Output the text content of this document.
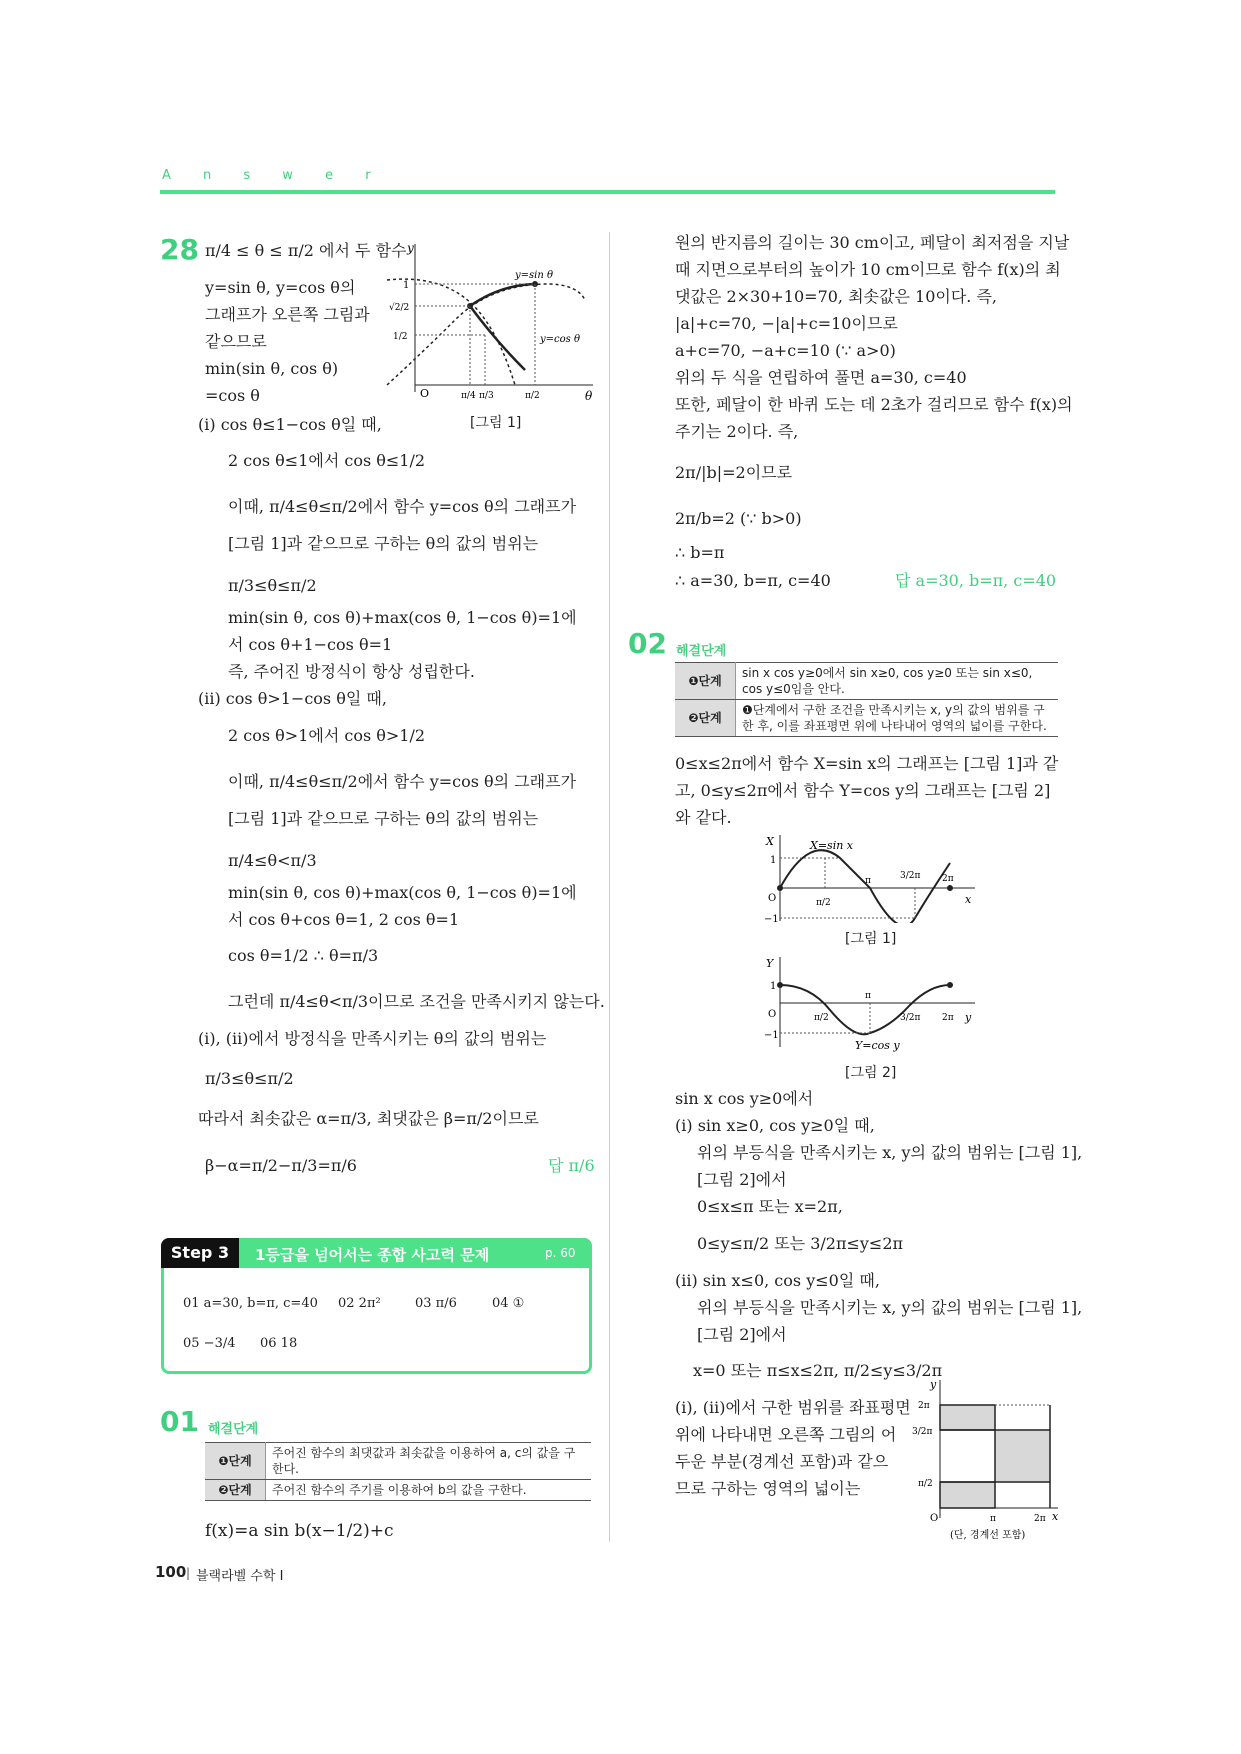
A n s w e r
28 π/4 ≤ θ ≤ π/2 에서 두 함수
y=sin θ, y=cos θ의
그래프가 오른쪽 그림과
같으므로
min(sin θ, cos θ)
=cos θ
(i) cos θ≤1−cos θ일 때,
2 cos θ≤1에서 cos θ≤1/2
이때, π/4≤θ≤π/2에서 함수 y=cos θ의 그래프가
[그림 1]과 같으므로 구하는 θ의 값의 범위는
π/3≤θ≤π/2
min(sin θ, cos θ)+max(cos θ, 1−cos θ)=1에
서 cos θ+1−cos θ=1
즉, 주어진 방정식이 항상 성립한다.
(ii) cos θ>1−cos θ일 때,
2 cos θ>1에서 cos θ>1/2
이때, π/4≤θ≤π/2에서 함수 y=cos θ의 그래프가
[그림 1]과 같으므로 구하는 θ의 값의 범위는
π/4≤θ<π/3
min(sin θ, cos θ)+max(cos θ, 1−cos θ)=1에
서 cos θ+cos θ=1, 2 cos θ=1
cos θ=1/2 ∴ θ=π/3
그런데 π/4≤θ<π/3이므로 조건을 만족시키지 않는다.
(i), (ii)에서 방정식을 만족시키는 θ의 값의 범위는
π/3≤θ≤π/2
따라서 최솟값은 α=π/3, 최댓값은 β=π/2이므로
β−α=π/2−π/3=π/6	답 π/6
y
θ
O
1
√2/2
1/2
π/4 π/3	π/2
y=sin θ
y=cos θ
[그림 1]
Step 3	1등급을 넘어서는 종합 사고력 문제	p. 60
01 a=30, b=π, c=40 02 2π²	03 π/6	04 ①
05 −3/4 06 18
01 해결단계
❶단계	주어진 함수의 최댓값과 최솟값을 이용하여 a, c의 값을 구한다.
❷단계	주어진 함수의 주기를 이용하여 b의 값을 구한다.
f(x)=a sin b(x−1/2)+c
100 | 블랙라벨 수학 I
원의 반지름의 길이는 30 cm이고, 페달이 최저점을 지날
때 지면으로부터의 높이가 10 cm이므로 함수 f(x)의 최
댓값은 2×30+10=70, 최솟값은 10이다. 즉,
|a|+c=70, −|a|+c=10이므로
a+c=70, −a+c=10 (∵ a>0)
위의 두 식을 연립하여 풀면 a=30, c=40
또한, 페달이 한 바퀴 도는 데 2초가 걸리므로 함수 f(x)의
주기는 2이다. 즉,
2π/|b|=2이므로
2π/b=2 (∵ b>0)
∴ b=π
∴ a=30, b=π, c=40	답 a=30, b=π, c=40
02 해결단계
❶단계	sin x cos y≥0에서 sin x≥0, cos y≥0 또는 sin x≤0, cos y≤0임을 안다.
❷단계	❶단계에서 구한 조건을 만족시키는 x, y의 값의 범위를 구한 후, 이를 좌표평면 위에 나타내어 영역의 넓이를 구한다.
0≤x≤2π에서 함수 X=sin x의 그래프는 [그림 1]과 같
고, 0≤y≤2π에서 함수 Y=cos y의 그래프는 [그림 2]
와 같다.
X
x
O
1
−1
π/2
π	3/2π 2π
X=sin x
[그림 1]
Y
y
O
1
−1
π/2
π
3/2π 2π
Y=cos y
[그림 2]
sin x cos y≥0에서
(i) sin x≥0, cos y≥0일 때,
위의 부등식을 만족시키는 x, y의 값의 범위는 [그림 1],
[그림 2]에서
0≤x≤π 또는 x=2π,
0≤y≤π/2 또는 3/2π≤y≤2π
(ii) sin x≤0, cos y≤0일 때,
위의 부등식을 만족시키는 x, y의 값의 범위는 [그림 1],
[그림 2]에서
x=0 또는 π≤x≤2π, π/2≤y≤3/2π
(i), (ii)에서 구한 범위를 좌표평면
위에 나타내면 오른쪽 그림의 어
두운 부분(경계선 포함)과 같으
므로 구하는 영역의 넓이는
y
x
O
2π
3/2π
π/2
π	2π
(단, 경계선 포함)
